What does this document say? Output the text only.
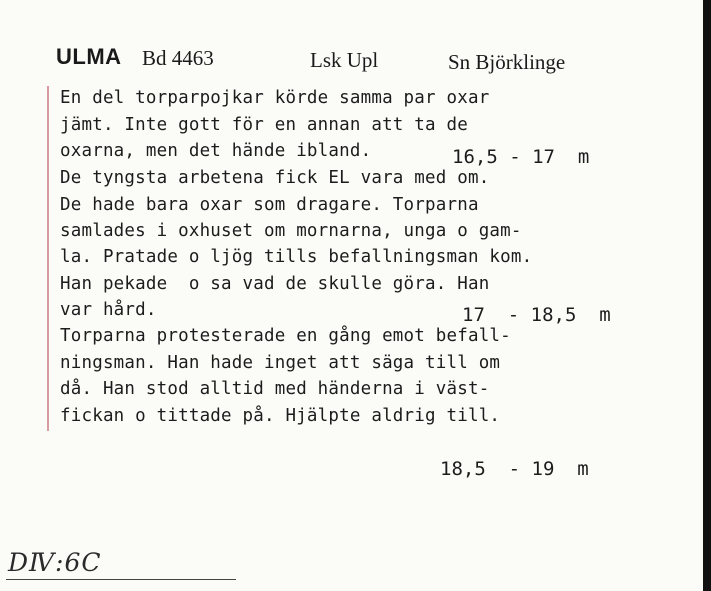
ULMA Bd 4463	Lsk Upl	Sn Björklinge
En del torparpojkar körde samma par oxar
jämt. Inte gott för en annan att ta de
oxarna, men det hände ibland.	16,5 - 17  m
De tyngsta arbetena fick EL vara med om.
De hade bara oxar som dragare. Torparna
samlades i oxhuset om mornarna, unga o gam-
la. Pratade o ljög tills befallningsman kom.
Han pekade  o sa vad de skulle göra. Han
var hård.	17  - 18,5  m
Torparna protesterade en gång emot befall-
ningsman. Han hade inget att säga till om
då. Han stod alltid med händerna i väst-
fickan o tittade på. Hjälpte aldrig till.
18,5  - 19  m
DⅣ:6C
